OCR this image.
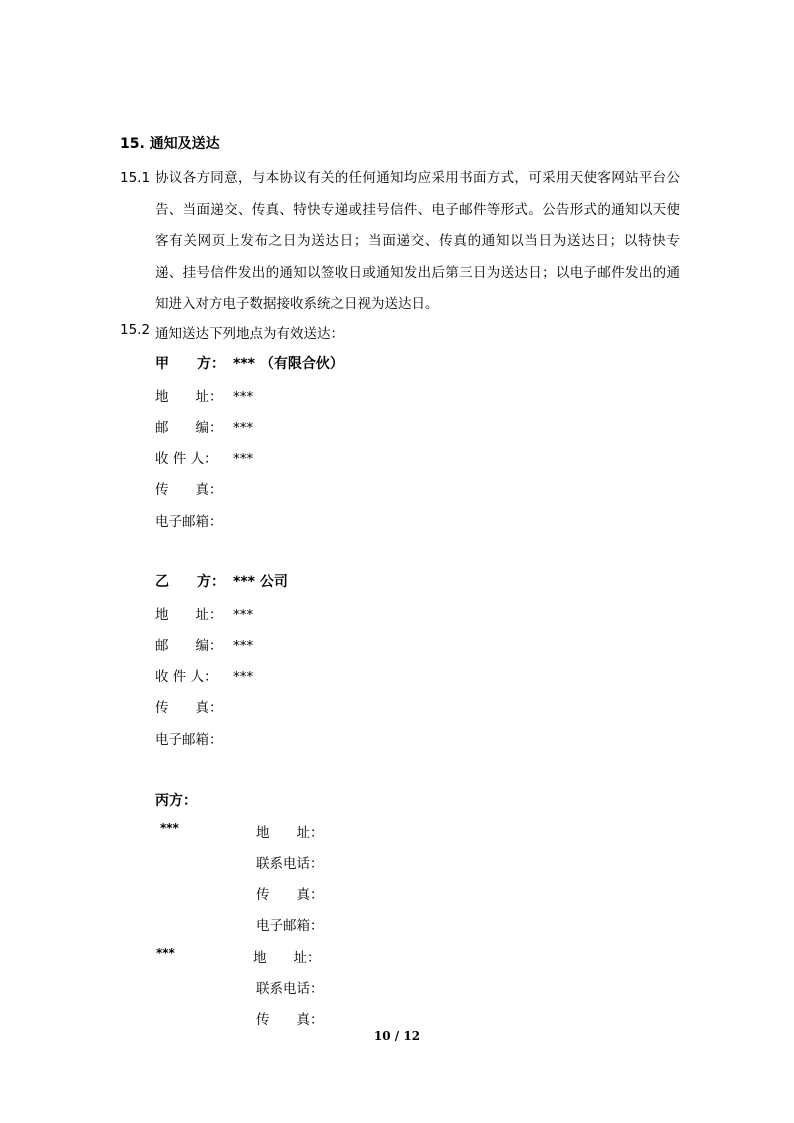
15. 通知及送达
15.1 协议各方同意，与本协议有关的任何通知均应采用书面方式，可采用天使客网站平台公告、当面递交、传真、特快专递或挂号信件、电子邮件等形式。公告形式的通知以天使客有关网页上发布之日为送达日；当面递交、传真的通知以当日为送达日；以特快专递、挂号信件发出的通知以签收日或通知发出后第三日为送达日；以电子邮件发出的通知进入对方电子数据接收系统之日视为送达日。
15.2 通知送达下列地点为有效送达：
甲　　方： *** （有限合伙）
地　　址： ***
邮　　编： ***
收 件 人： ***
传　　真：
电子邮箱：
乙　　方： *** 公司
地　　址： ***
邮　　编： ***
收 件 人： ***
传　　真：
电子邮箱：
丙方：
***	地　　址：
联系电话：
传　　真：
电子邮箱：
***	地　　址：
联系电话：
传　　真：
10 / 12
